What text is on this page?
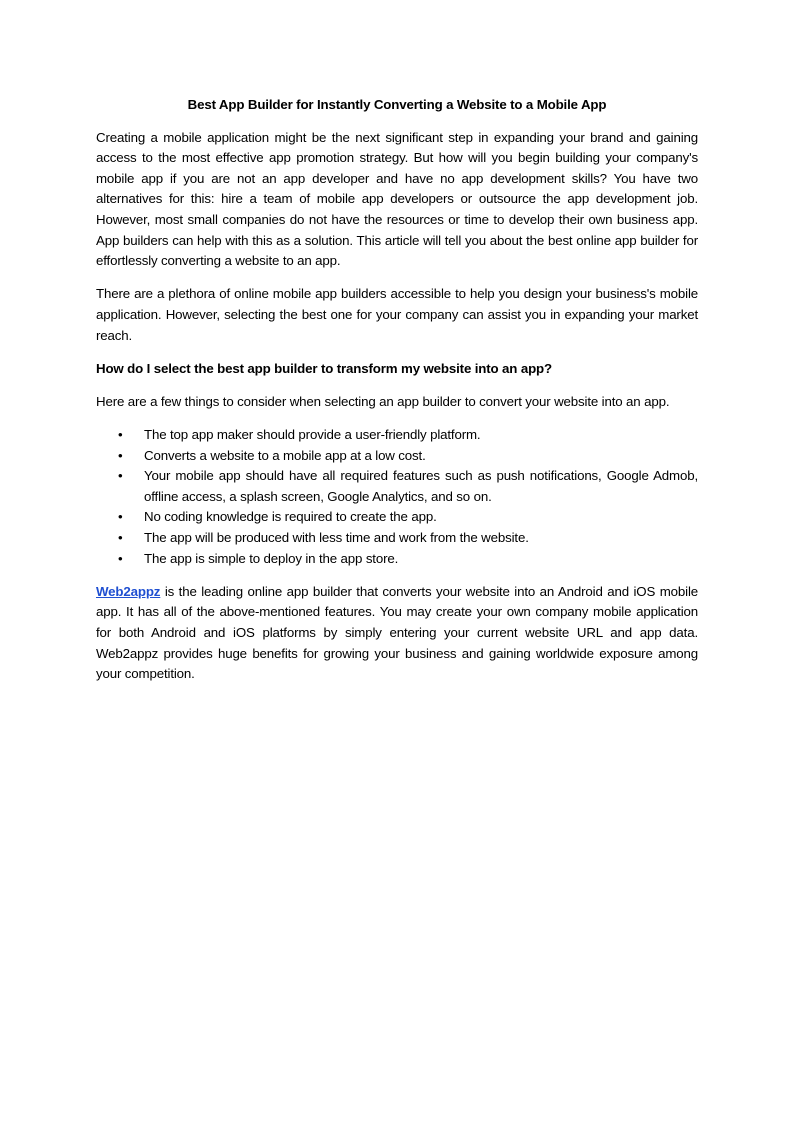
Best App Builder for Instantly Converting a Website to a Mobile App

Creating a mobile application might be the next significant step in expanding your brand and gaining access to the most effective app promotion strategy. But how will you begin building your company's mobile app if you are not an app developer and have no app development skills? You have two alternatives for this: hire a team of mobile app developers or outsource the app development job. However, most small companies do not have the resources or time to develop their own business app. App builders can help with this as a solution. This article will tell you about the best online app builder for effortlessly converting a website to an app.

There are a plethora of online mobile app builders accessible to help you design your business's mobile application. However, selecting the best one for your company can assist you in expanding your market reach.

How do I select the best app builder to transform my website into an app?

Here are a few things to consider when selecting an app builder to convert your website into an app.

• The top app maker should provide a user-friendly platform.
• Converts a website to a mobile app at a low cost.
• Your mobile app should have all required features such as push notifications, Google Admob, offline access, a splash screen, Google Analytics, and so on.
• No coding knowledge is required to create the app.
• The app will be produced with less time and work from the website.
• The app is simple to deploy in the app store.

Web2appz is the leading online app builder that converts your website into an Android and iOS mobile app. It has all of the above-mentioned features. You may create your own company mobile application for both Android and iOS platforms by simply entering your current website URL and app data. Web2appz provides huge benefits for growing your business and gaining worldwide exposure among your competition.
